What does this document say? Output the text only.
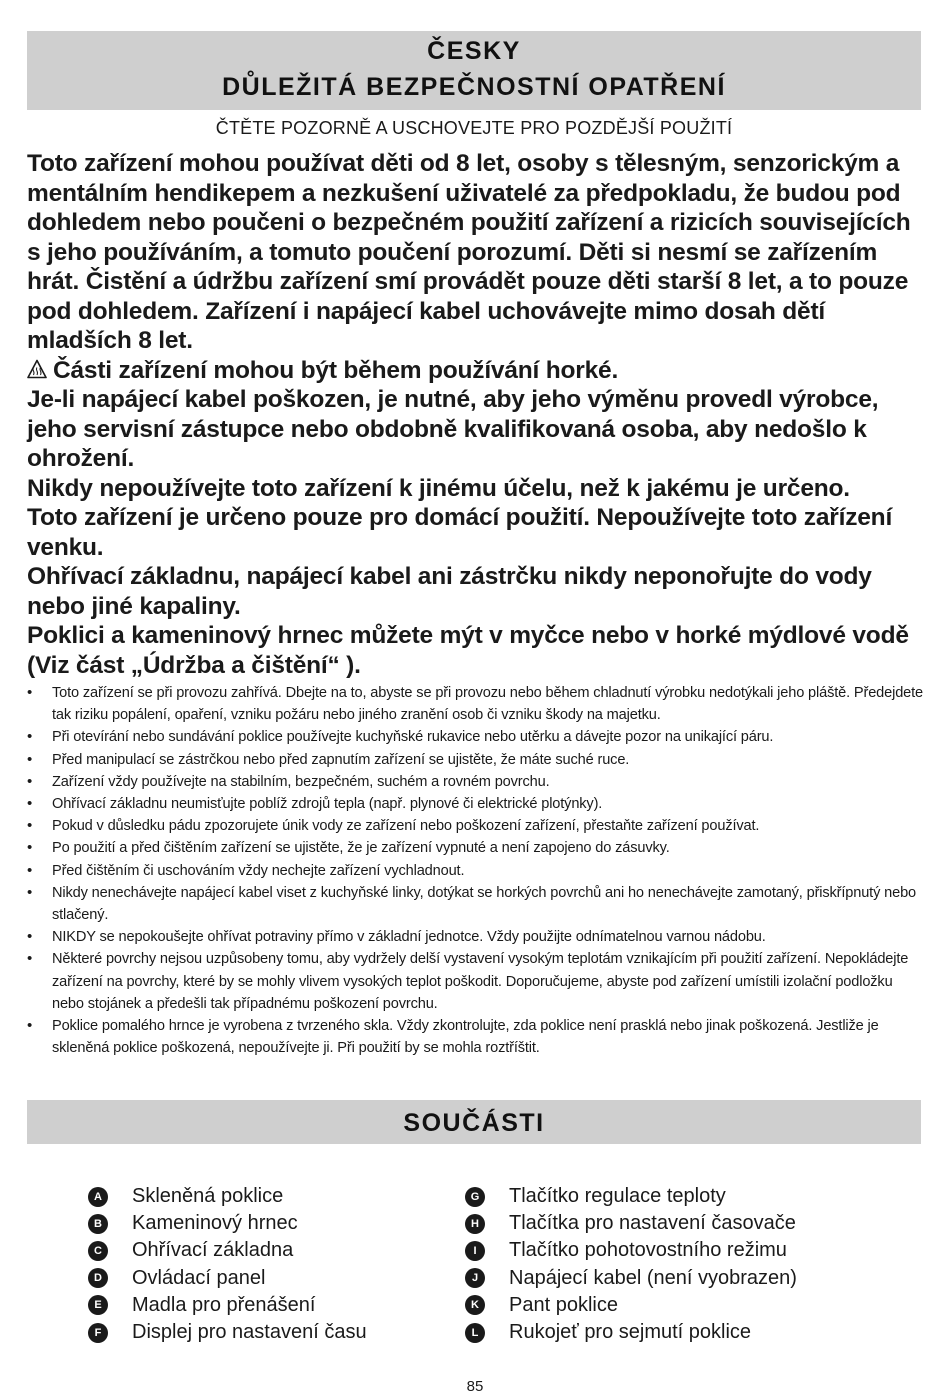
ČESKY
DŮLEŽITÁ BEZPEČNOSTNÍ OPATŘENÍ
ČTĚTE POZORNĚ A USCHOVEJTE PRO POZDĚJŠÍ POUŽITÍ

Toto zařízení mohou používat děti od 8 let, osoby s tělesným, senzorickým a mentálním hendikepem a nezkušení uživatelé za předpokladu, že budou pod dohledem nebo poučeni o bezpečném použití zařízení a rizicích souvisejících s jeho používáním, a tomuto poučení porozumí. Děti si nesmí se zařízením hrát. Čistění a údržbu zařízení smí provádět pouze děti starší 8 let, a to pouze pod dohledem. Zařízení i napájecí kabel uchovávejte mimo dosah dětí mladších 8 let.

Části zařízení mohou být během používání horké.

Je-li napájecí kabel poškozen, je nutné, aby jeho výměnu provedl výrobce, jeho servisní zástupce nebo obdobně kvalifikovaná osoba, aby nedošlo k ohrožení.

Nikdy nepoužívejte toto zařízení k jinému účelu, než k jakému je určeno.

Toto zařízení je určeno pouze pro domácí použití. Nepoužívejte toto zařízení venku.

Ohřívací základnu, napájecí kabel ani zástrčku nikdy neponořujte do vody nebo jiné kapaliny.

Poklici a kameninový hrnec můžete mýt v myčce nebo v horké mýdlové vodě (Viz část „Údržba a čištění“ ).

• Toto zařízení se při provozu zahřívá. Dbejte na to, abyste se při provozu nebo během chladnutí výrobku nedotýkali jeho pláště. Předejdete tak riziku popálení, opaření, vzniku požáru nebo jiného zranění osob či vzniku škody na majetku.
• Při otevírání nebo sundávání poklice používejte kuchyňské rukavice nebo utěrku a dávejte pozor na unikající páru.
• Před manipulací se zástrčkou nebo před zapnutím zařízení se ujistěte, že máte suché ruce.
• Zařízení vždy používejte na stabilním, bezpečném, suchém a rovném povrchu.
• Ohřívací základnu neumisťujte poblíž zdrojů tepla (např. plynové či elektrické plotýnky).
• Pokud v důsledku pádu zpozorujete únik vody ze zařízení nebo poškození zařízení, přestaňte zařízení používat.
• Po použití a před čištěním zařízení se ujistěte, že je zařízení vypnuté a není zapojeno do zásuvky.
• Před čištěním či uschováním vždy nechejte zařízení vychladnout.
• Nikdy nenechávejte napájecí kabel viset z kuchyňské linky, dotýkat se horkých povrchů ani ho nenechávejte zamotaný, přiskřípnutý nebo stlačený.
• NIKDY se nepokoušejte ohřívat potraviny přímo v základní jednotce. Vždy použijte odnímatelnou varnou nádobu.
• Některé povrchy nejsou uzpůsobeny tomu, aby vydržely delší vystavení vysokým teplotám vznikajícím při použití zařízení. Nepokládejte zařízení na povrchy, které by se mohly vlivem vysokých teplot poškodit. Doporučujeme, abyste pod zařízení umístili izolační podložku nebo stojánek a předešli tak případnému poškození povrchu.
• Poklice pomalého hrnce je vyrobena z tvrzeného skla. Vždy zkontrolujte, zda poklice není prasklá nebo jinak poškozená. Jestliže je skleněná poklice poškozená, nepoužívejte ji. Při použití by se mohla roztříštit.
SOUČÁSTI
A	Skleněná poklice
B	Kameninový hrnec
C	Ohřívací základna
D	Ovládací panel
E	Madla pro přenášení
F	Displej pro nastavení času
G Tlačítko regulace teploty
H	Tlačítka pro nastavení časovače
I	Tlačítko pohotovostního režimu
J	Napájecí kabel (není vyobrazen)
K	Pant poklice
L	Rukojeť pro sejmutí poklice
85
